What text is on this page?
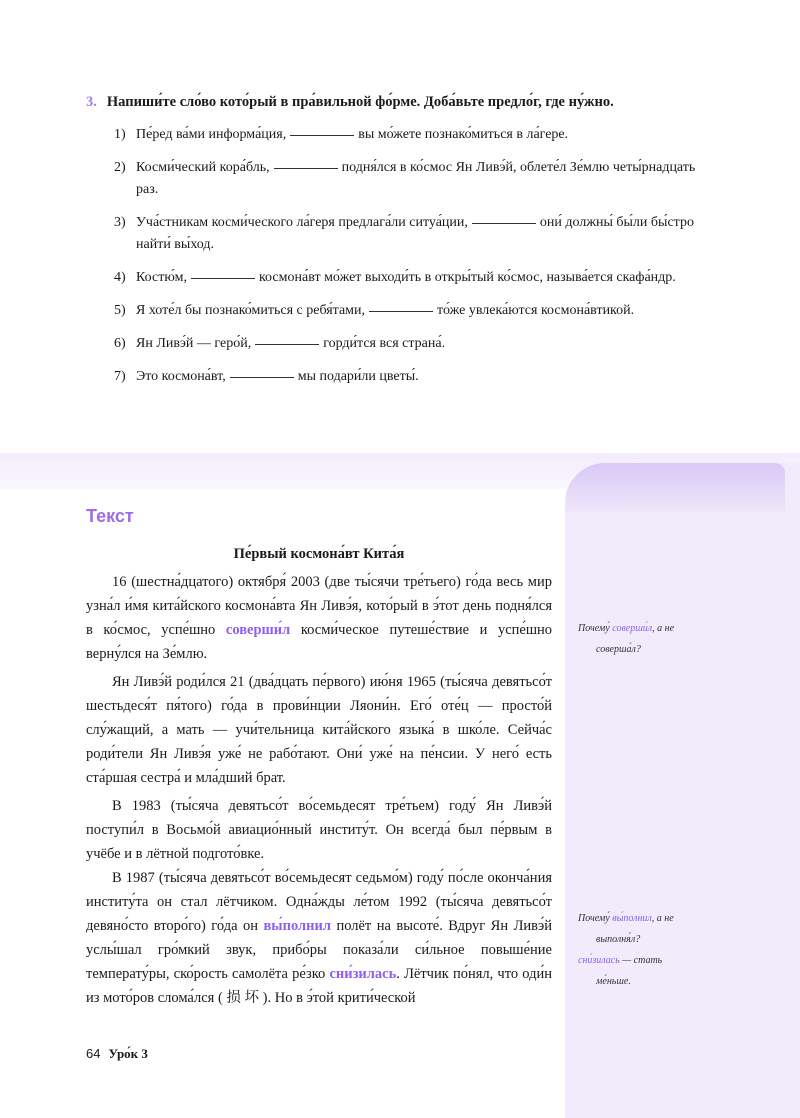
3. Напиши́те сло́во кото́рый в пра́вильной фо́рме. Доба́вьте предло́г, где ну́жно.
1) Пе́ред ва́ми информа́ция,	вы мо́жете познако́миться в ла́гере.
2) Косми́ческий кора́бль,	подня́лся в ко́смос Ян Ливэ́й, облете́л Зе́млю четы́рнадцать раз.
3) Уча́стникам косми́ческого ла́геря предлага́ли ситуа́ции,	они́ должны́ бы́ли бы́стро найти́ вы́ход.
4) Костю́м,	космона́вт мо́жет выходи́ть в откры́тый ко́смос, называ́ется скафа́ндр.
5) Я хоте́л бы познако́миться с ребя́тами,	то́же увлека́ются космона́втикой.
6) Ян Ливэ́й — геро́й,	горди́тся вся страна́.
7) Это космона́вт,	мы подари́ли цветы́.
Текст
Пе́рвый космона́вт Кита́я

16 (шестна́дцатого) октября́ 2003 (две ты́сячи тре́тьего) го́да весь мир узна́л и́мя кита́йского космона́вта Ян Ливэ́я, кото́рый в э́тот день подня́лся в ко́смос, успе́шно соверши́л косми́ческое путеше́ствие и успе́шно верну́лся на Зе́млю.

Ян Ливэ́й роди́лся 21 (два́дцать пе́рвого) ию́ня 1965 (ты́сяча девятьсо́т шестьдеся́т пя́того) го́да в прови́нции Ляони́н. Его́ оте́ц — просто́й слу́жащий, а мать — учи́тельница кита́йского языка́ в шко́ле. Сейча́с роди́тели Ян Ливэ́я уже́ не рабо́тают. Они́ уже́ на пе́нсии. У него́ есть ста́ршая сестра́ и мла́дший брат.

В 1983 (ты́сяча девятьсо́т во́семьдесят тре́тьем) году́ Ян Ливэ́й поступи́л в Восьмо́й авиацио́нный институ́т. Он всегда́ был пе́рвым в учёбе и в лётной подгото́вке.

В 1987 (ты́сяча девятьсо́т во́семьдесят седьмо́м) году́ по́сле оконча́ния институ́та он стал лётчиком. Одна́жды ле́том 1992 (ты́сяча девятьсо́т девяно́сто второ́го) го́да он вы́полнил полёт на высоте́. Вдруг Ян Ливэ́й услы́шал гро́мкий звук, прибо́ры показа́ли си́льное повыше́ние температу́ры, ско́рость самолёта ре́зко сни́зилась. Лётчик по́нял, что оди́н из мото́ров слома́лся ( 损 坏 ). Но в э́той крити́ческой

Почему́ соверши́л, а не
соверша́л?
Почему́ вы́полнил, а не
выполня́л?
сни́зилась — стать
ме́ньше.
64 Уро́к 3
